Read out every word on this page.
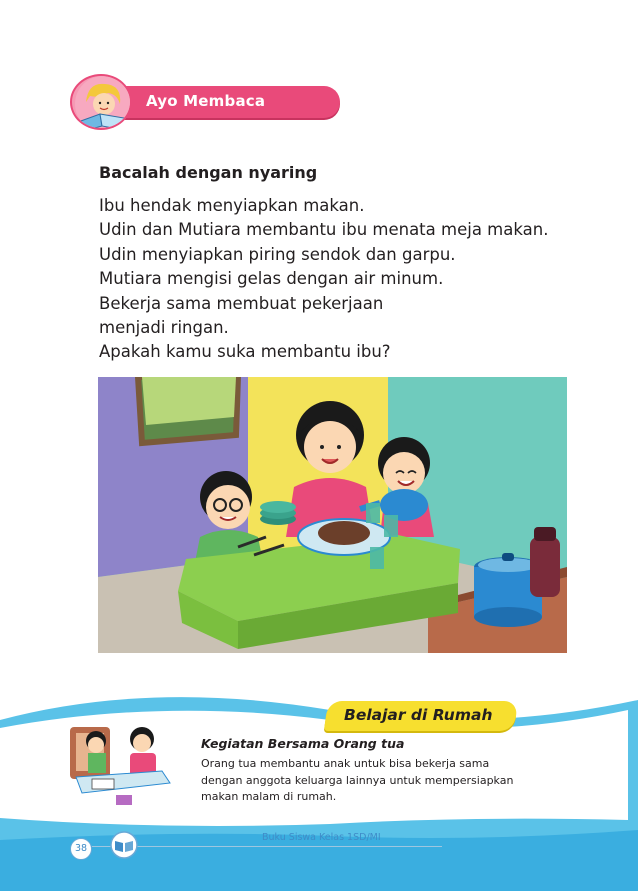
Ayo Membaca
Bacalah dengan nyaring
Ibu hendak menyiapkan makan.
Udin dan Mutiara membantu ibu menata meja makan.
Udin menyiapkan piring sendok dan garpu.
Mutiara mengisi gelas dengan air minum.
Bekerja sama membuat pekerjaan
menjadi ringan.
Apakah kamu suka membantu ibu?
Belajar di Rumah
Kegiatan Bersama Orang tua
Orang tua membantu anak untuk bisa bekerja sama
dengan anggota keluarga lainnya untuk mempersiapkan
makan malam di rumah.
38
Buku Siswa Kelas 1SD/MI
